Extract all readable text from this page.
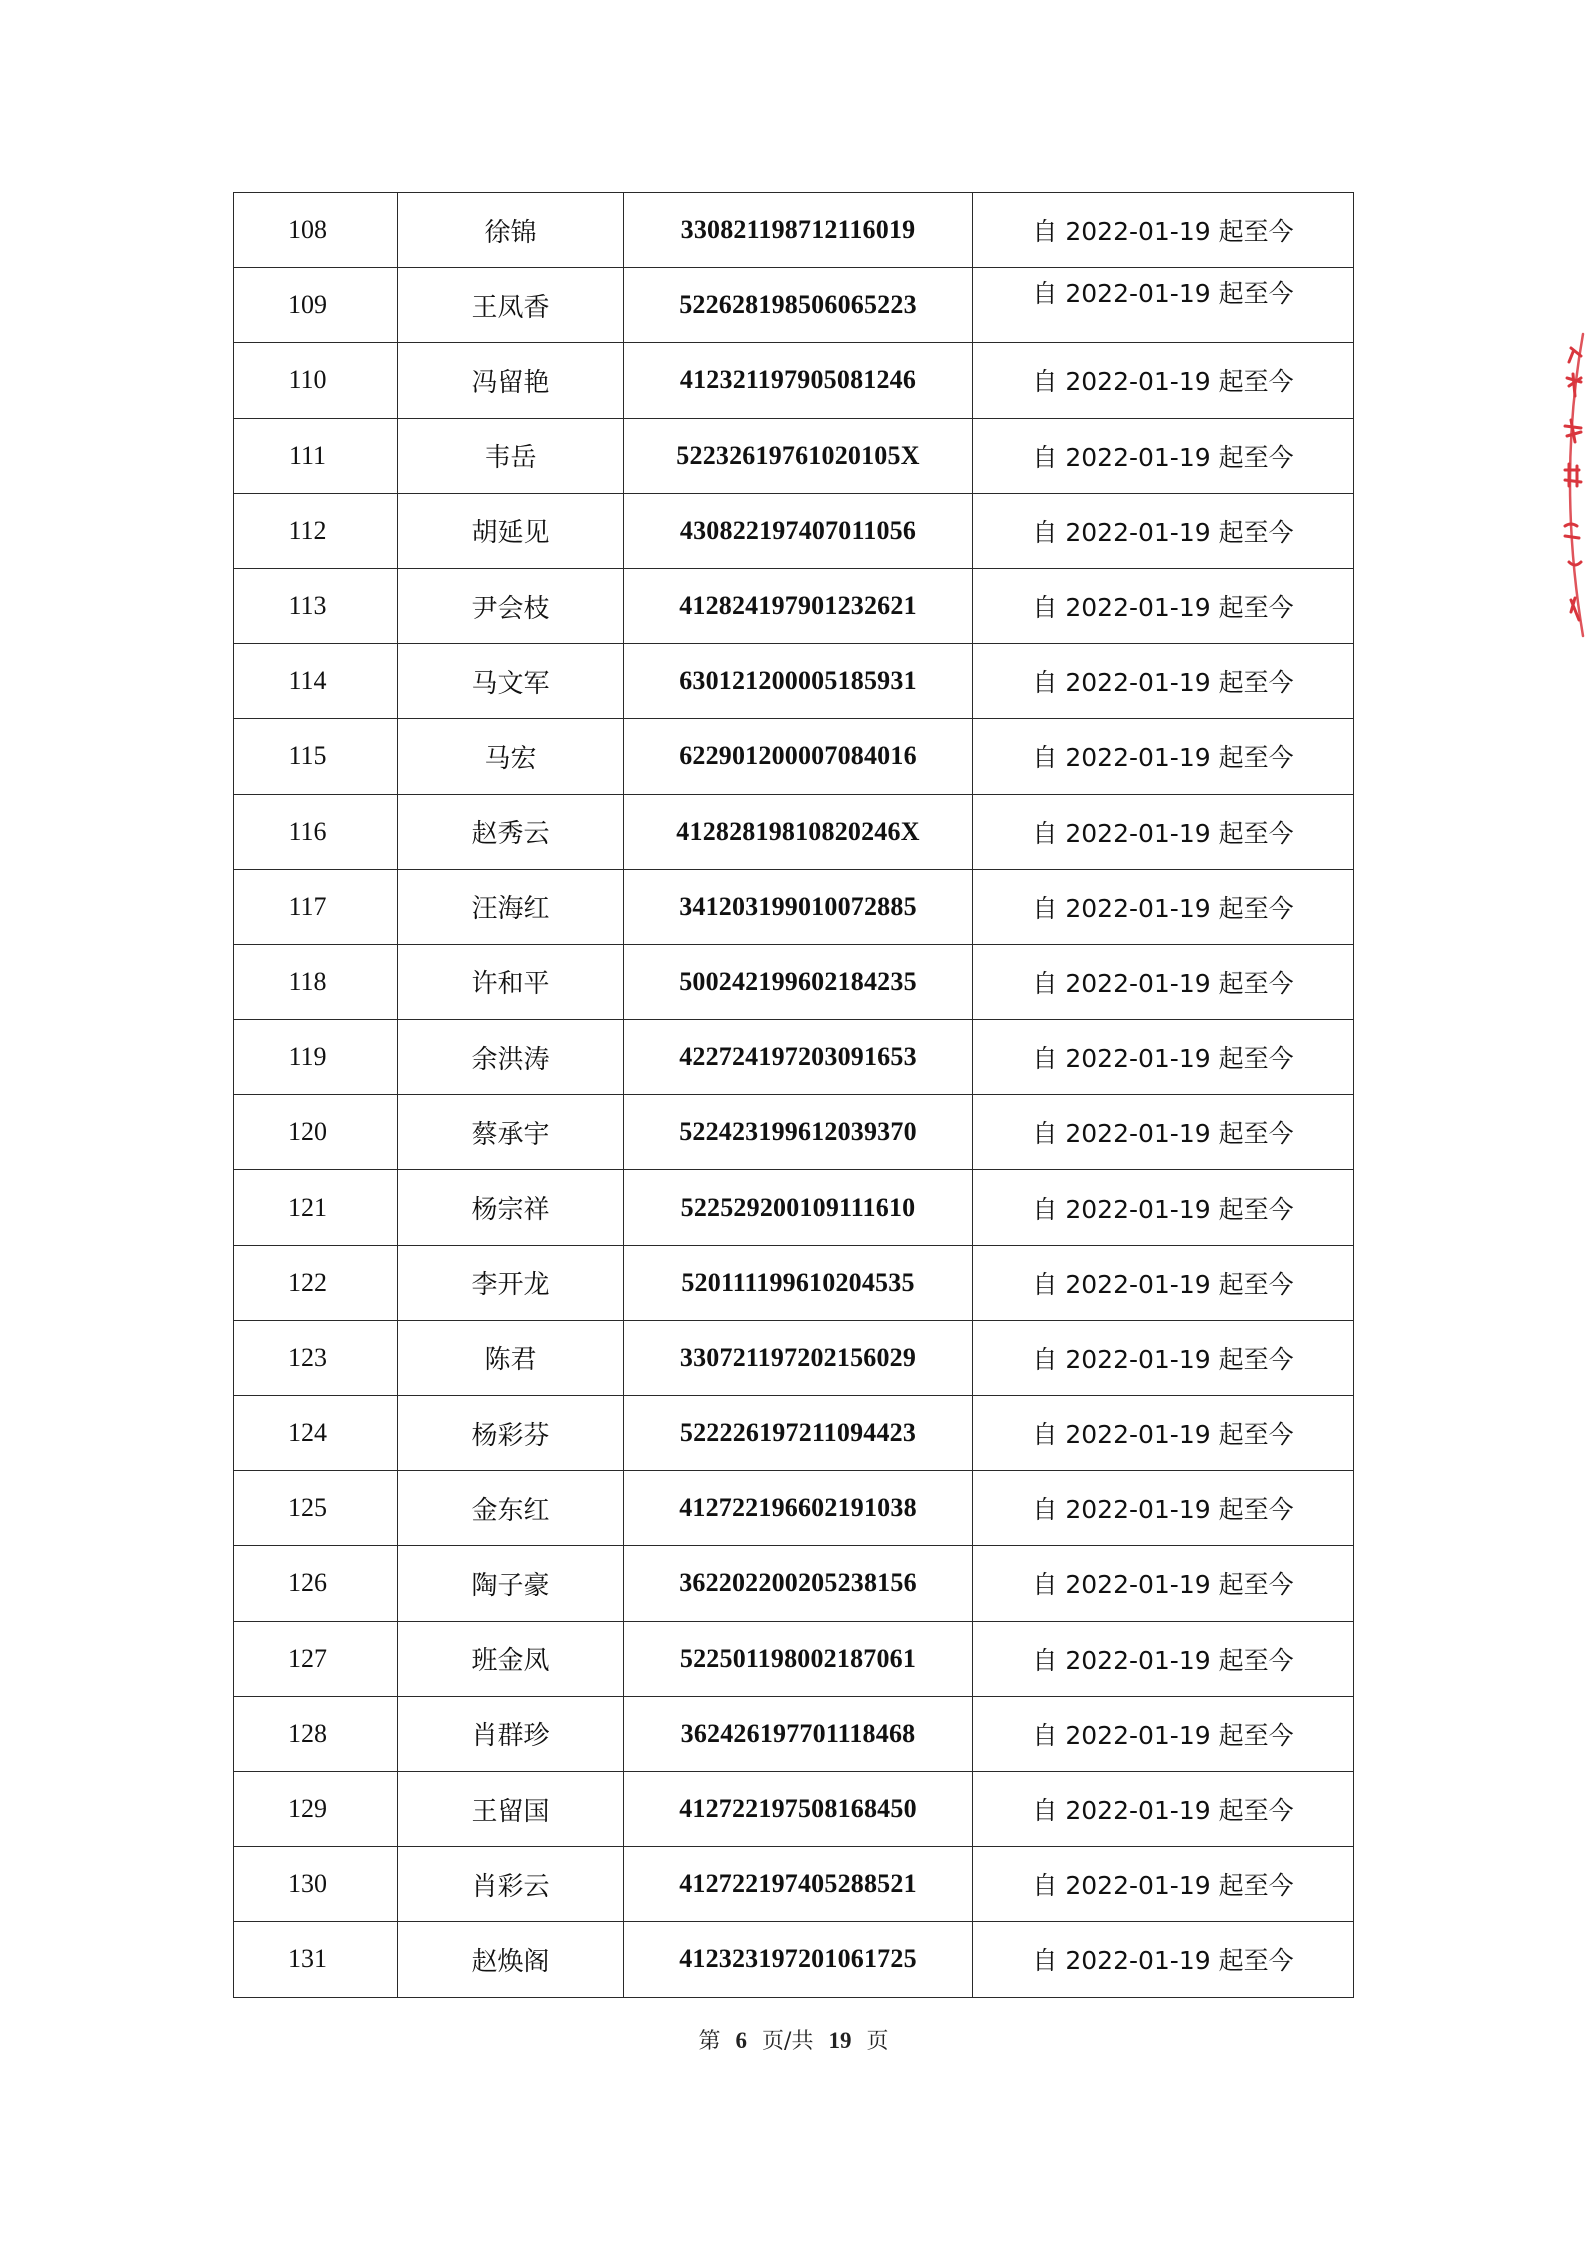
108	徐锦	330821198712116019	自 2022-01-19 起至今
109	王凤香	522628198506065223	自 2022-01-19 起至今
110	冯留艳	412321197905081246	自 2022-01-19 起至今
111	韦岳	52232619761020105X	自 2022-01-19 起至今
112	胡延见	430822197407011056	自 2022-01-19 起至今
113	尹会枝	412824197901232621	自 2022-01-19 起至今
114	马文军	630121200005185931	自 2022-01-19 起至今
115	马宏	622901200007084016	自 2022-01-19 起至今
116	赵秀云	41282819810820246X	自 2022-01-19 起至今
117	汪海红	341203199010072885	自 2022-01-19 起至今
118	许和平	500242199602184235	自 2022-01-19 起至今
119	余洪涛	422724197203091653	自 2022-01-19 起至今
120	蔡承宇	522423199612039370	自 2022-01-19 起至今
121	杨宗祥	522529200109111610	自 2022-01-19 起至今
122	李开龙	520111199610204535	自 2022-01-19 起至今
123	陈君	330721197202156029	自 2022-01-19 起至今
124	杨彩芬	522226197211094423	自 2022-01-19 起至今
125	金东红	412722196602191038	自 2022-01-19 起至今
126	陶子豪	362202200205238156	自 2022-01-19 起至今
127	班金凤	522501198002187061	自 2022-01-19 起至今
128	肖群珍	362426197701118468	自 2022-01-19 起至今
129	王留国	412722197508168450	自 2022-01-19 起至今
130	肖彩云	412722197405288521	自 2022-01-19 起至今
131	赵焕阁	412323197201061725	自 2022-01-19 起至今
第 6 页/共 19 页
